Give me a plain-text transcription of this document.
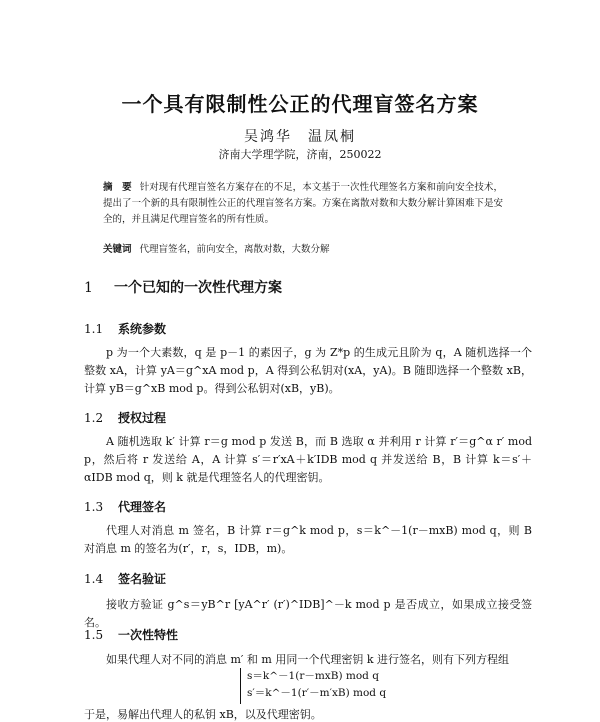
一个具有限制性公正的代理盲签名方案
吴鸿华　温凤桐
济南大学理学院，济南，250022
摘　要 针对现有代理盲签名方案存在的不足，本文基于一次性代理签名方案和前向安全技术，提出了一个新的具有限制性公正的代理盲签名方案。方案在离散对数和大数分解计算困难下是安全的，并且满足代理盲签名的所有性质。
关键词 代理盲签名，前向安全，离散对数，大数分解
1 一个已知的一次性代理方案
1.1 系统参数

p 为一个大素数，q 是 p－1 的素因子，g 为 Z*p 的生成元且阶为 q，A 随机选择一个整数 xA，计算 yA＝g^xA mod p，A 得到公私钥对(xA，yA)。B 随即选择一个整数 xB，计算 yB＝g^xB mod p。得到公私钥对(xB，yB)。

1.2 授权过程

A 随机选取 k′ 计算 r＝g mod p 发送 B，而 B 选取 α 并利用 r 计算 r′＝g^α r′ mod p，然后将 r 发送给 A，A 计算 s′＝r′xA＋k′IDB mod q 并发送给 B，B 计算 k＝s′＋αIDB mod q，则 k 就是代理签名人的代理密钥。

1.3 代理签名

代理人对消息 m 签名，B 计算 r＝g^k mod p，s＝k^－1(r－mxB) mod q，则 B 对消息 m 的签名为(r′，r，s，IDB，m)。

1.4 签名验证

接收方验证 g^s＝yB^r [yA^r′ (r′)^IDB]^－k mod p 是否成立，如果成立接受签名。

1.5 一次性特性

如果代理人对不同的消息 m′ 和 m 用同一个代理密钥 k 进行签名，则有下列方程组

s＝k^－1(r－mxB) mod q
s′＝k^－1(r′－m′xB) mod q
于是，易解出代理人的私钥 xB，以及代理密钥。
